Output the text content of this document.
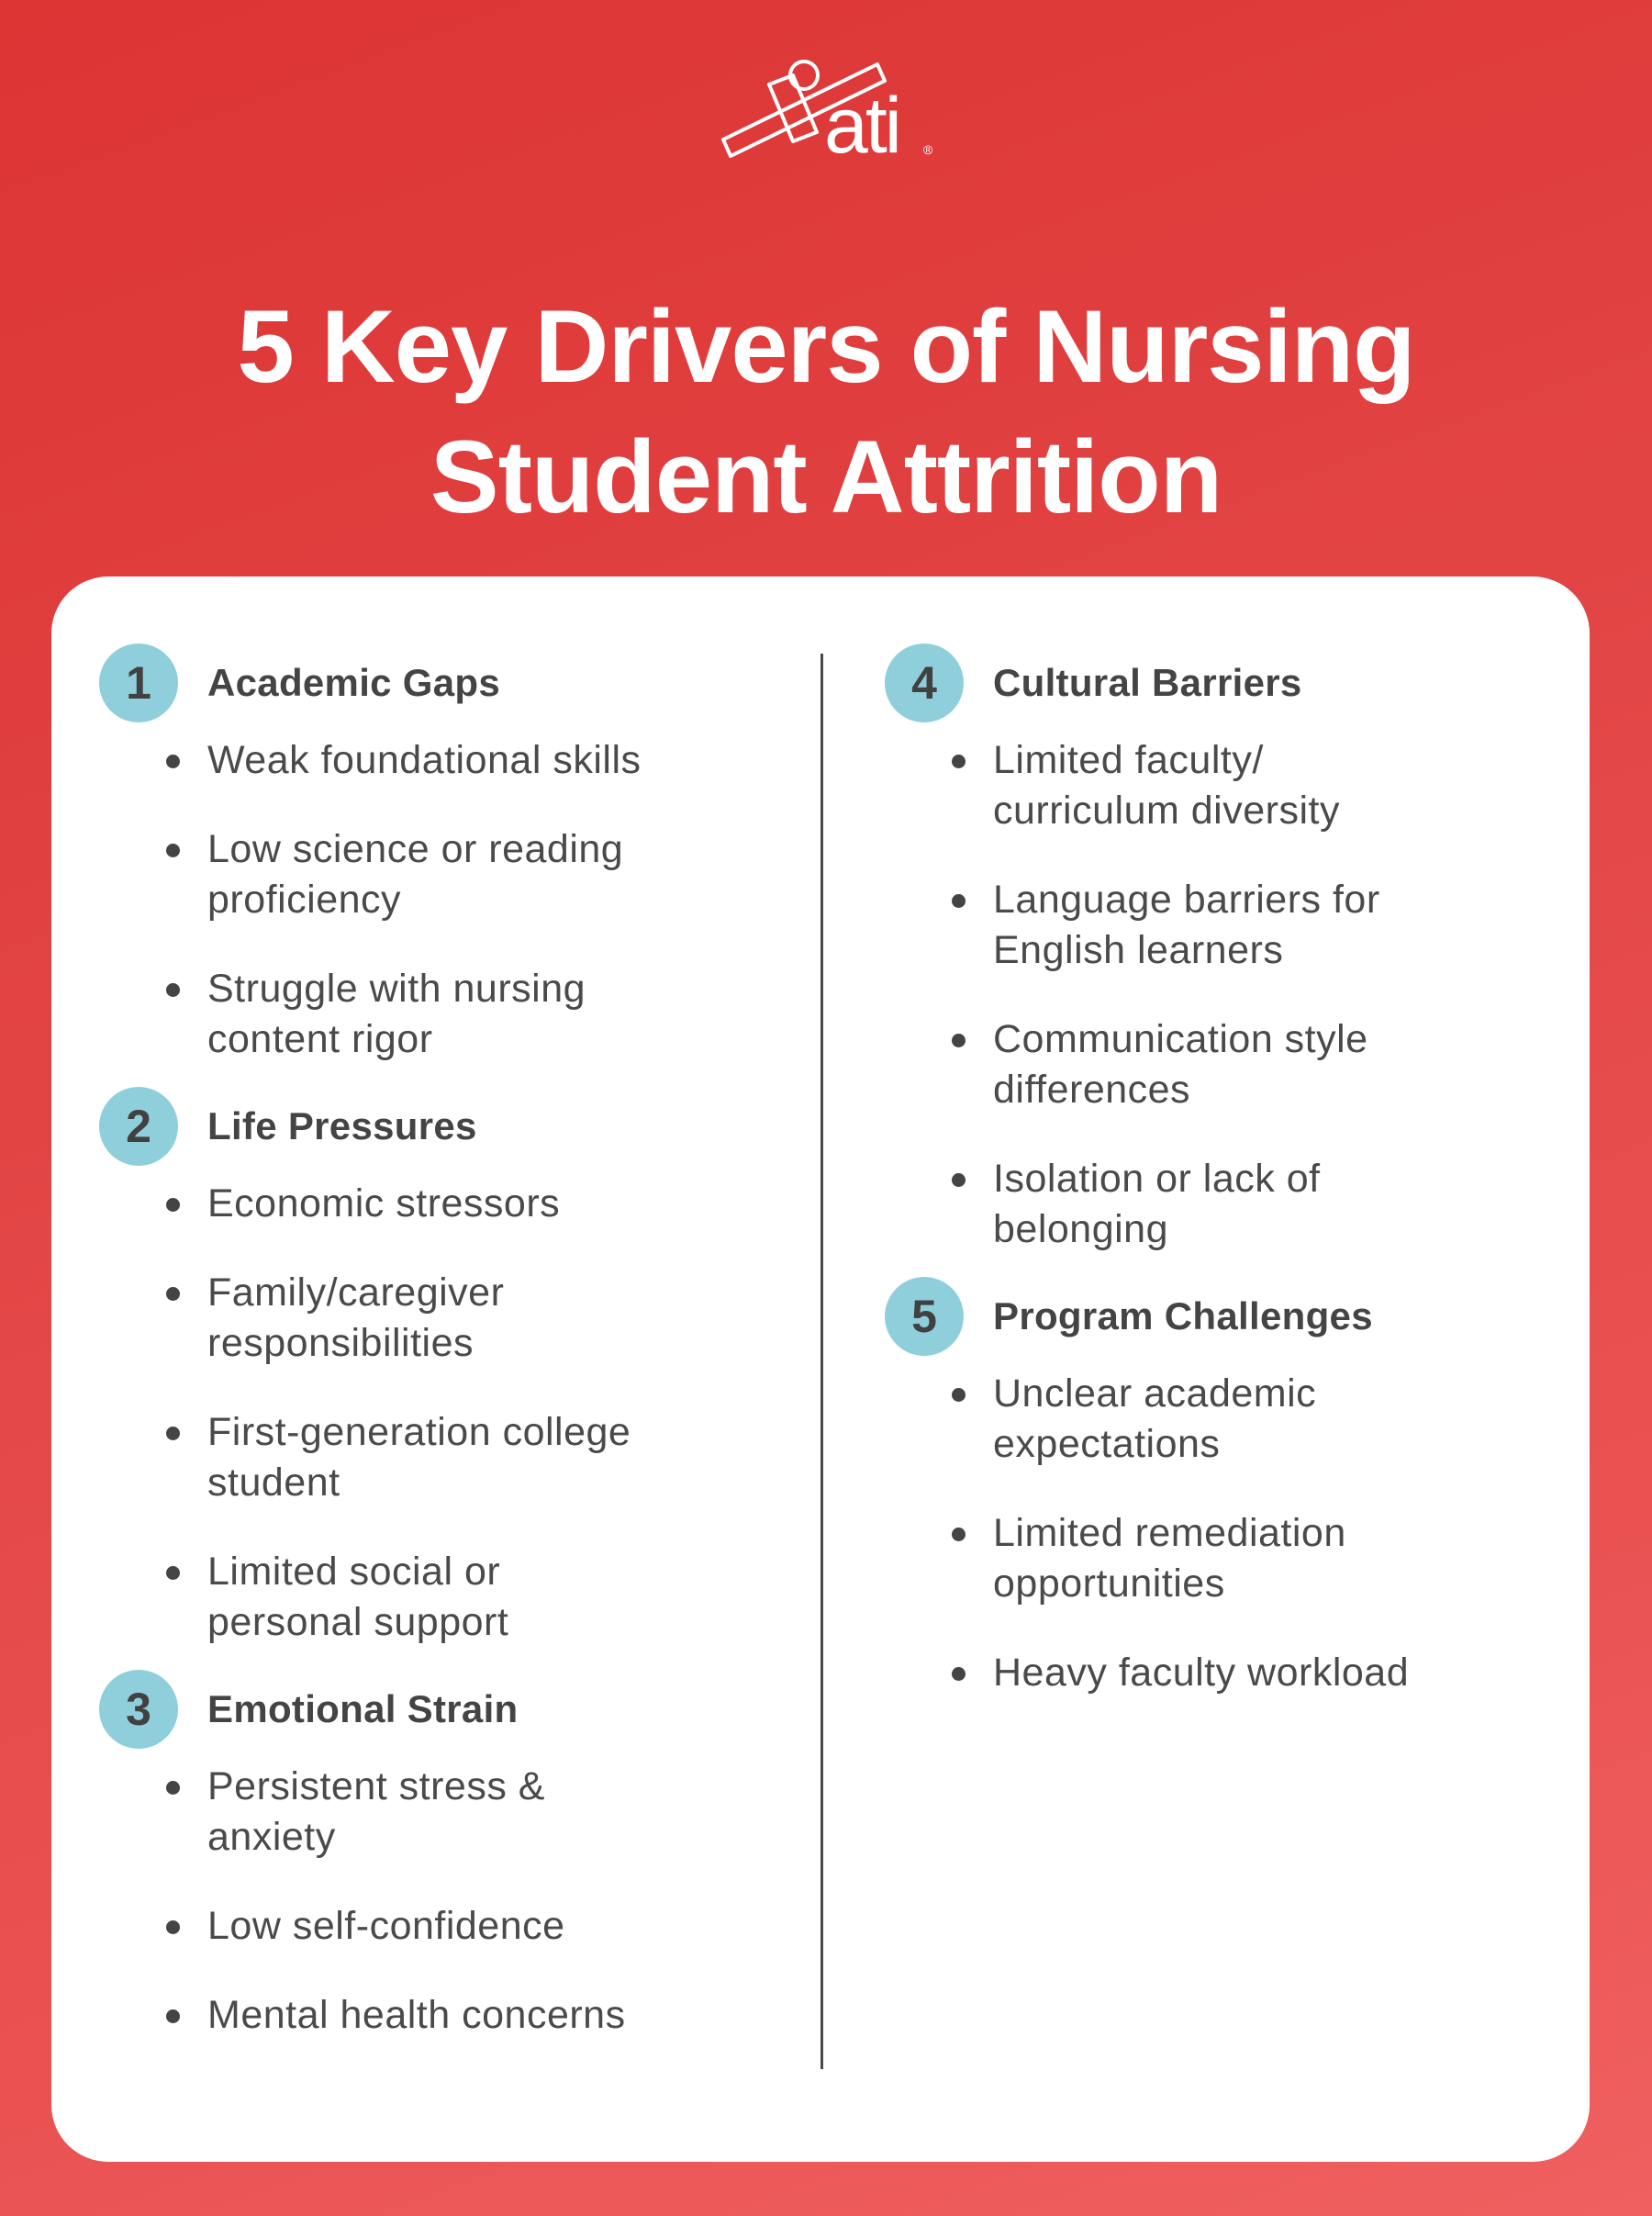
ati ®
5 Key Drivers of Nursing
Student Attrition
1	Academic Gaps
Weak foundational skills
Low science or reading
proficiency
Struggle with nursing
content rigor
2	Life Pressures
Economic stressors
Family/caregiver
responsibilities
First-generation college
student
Limited social or
personal support
3	Emotional Strain
Persistent stress &
anxiety
Low self-confidence
Mental health concerns
4	Cultural Barriers
Limited faculty/
curriculum diversity
Language barriers for
English learners
Communication style
differences
Isolation or lack of
belonging
5	Program Challenges
Unclear academic
expectations
Limited remediation
opportunities
Heavy faculty workload
